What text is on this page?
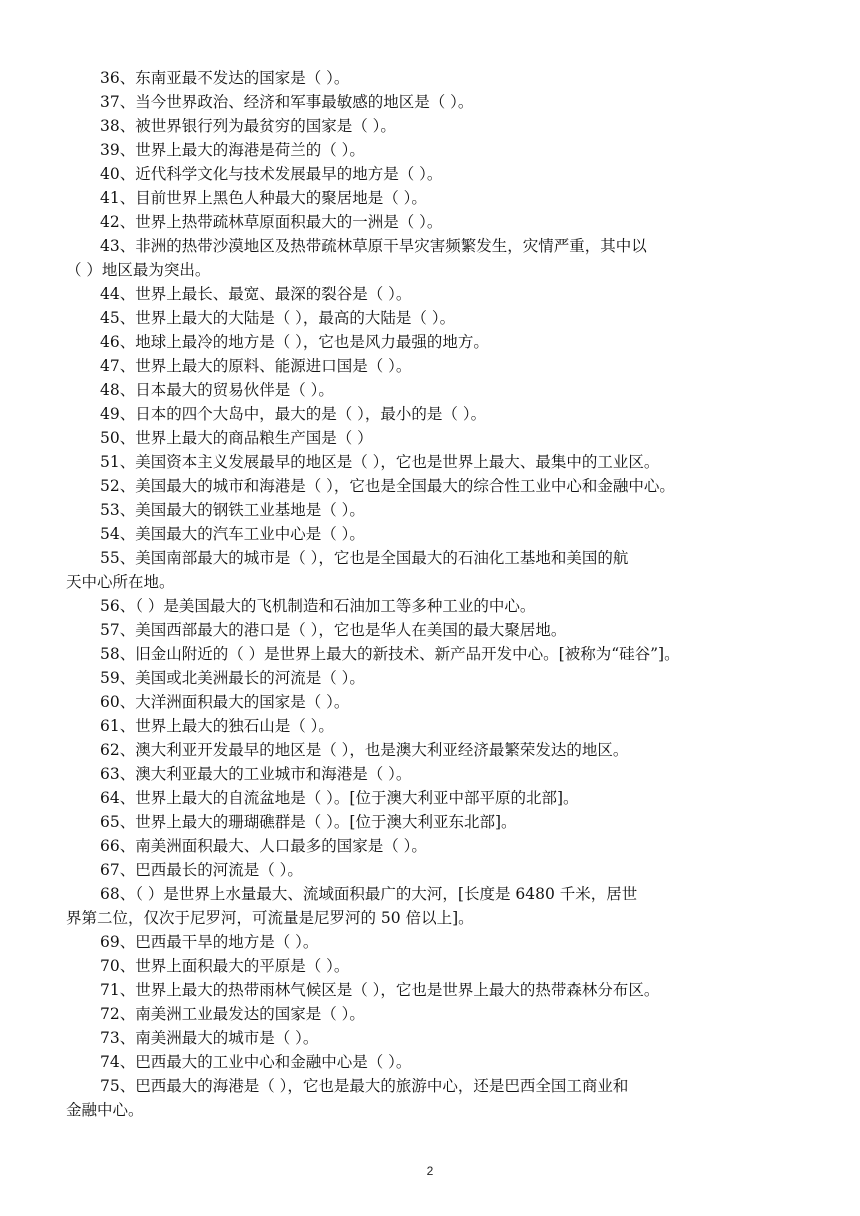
36、东南亚最不发达的国家是（ ）。
37、当今世界政治、经济和军事最敏感的地区是（ ）。
38、被世界银行列为最贫穷的国家是（ ）。
39、世界上最大的海港是荷兰的（ ）。
40、近代科学文化与技术发展最早的地方是（ ）。
41、目前世界上黑色人种最大的聚居地是（ ）。
42、世界上热带疏林草原面积最大的一洲是（ ）。
43、非洲的热带沙漠地区及热带疏林草原干旱灾害频繁发生，灾情严重，其中以
（ ）地区最为突出。
44、世界上最长、最宽、最深的裂谷是（ ）。
45、世界上最大的大陆是（ ），最高的大陆是（ ）。
46、地球上最冷的地方是（ ），它也是风力最强的地方。
47、世界上最大的原料、能源进口国是（ ）。
48、日本最大的贸易伙伴是（ ）。
49、日本的四个大岛中，最大的是（ ），最小的是（ ）。
50、世界上最大的商品粮生产国是（ ）
51、美国资本主义发展最早的地区是（ ），它也是世界上最大、最集中的工业区。
52、美国最大的城市和海港是（ ），它也是全国最大的综合性工业中心和金融中心。
53、美国最大的钢铁工业基地是（ ）。
54、美国最大的汽车工业中心是（ ）。
55、美国南部最大的城市是（ ），它也是全国最大的石油化工基地和美国的航
天中心所在地。
56、（ ）是美国最大的飞机制造和石油加工等多种工业的中心。
57、美国西部最大的港口是（ ），它也是华人在美国的最大聚居地。
58、旧金山附近的（ ）是世界上最大的新技术、新产品开发中心。[被称为“硅谷”]。
59、美国或北美洲最长的河流是（ ）。
60、大洋洲面积最大的国家是（ ）。
61、世界上最大的独石山是（ ）。
62、澳大利亚开发最早的地区是（ ），也是澳大利亚经济最繁荣发达的地区。
63、澳大利亚最大的工业城市和海港是（ ）。
64、世界上最大的自流盆地是（ ）。[位于澳大利亚中部平原的北部]。
65、世界上最大的珊瑚礁群是（ ）。[位于澳大利亚东北部]。
66、南美洲面积最大、人口最多的国家是（ ）。
67、巴西最长的河流是（ ）。
68、（ ）是世界上水量最大、流域面积最广的大河，[长度是 6480 千米，居世
界第二位，仅次于尼罗河，可流量是尼罗河的 50 倍以上]。
69、巴西最干旱的地方是（ ）。
70、世界上面积最大的平原是（ ）。
71、世界上最大的热带雨林气候区是（ ），它也是世界上最大的热带森林分布区。
72、南美洲工业最发达的国家是（ ）。
73、南美洲最大的城市是（ ）。
74、巴西最大的工业中心和金融中心是（ ）。
75、巴西最大的海港是（ ），它也是最大的旅游中心，还是巴西全国工商业和
金融中心。
2
